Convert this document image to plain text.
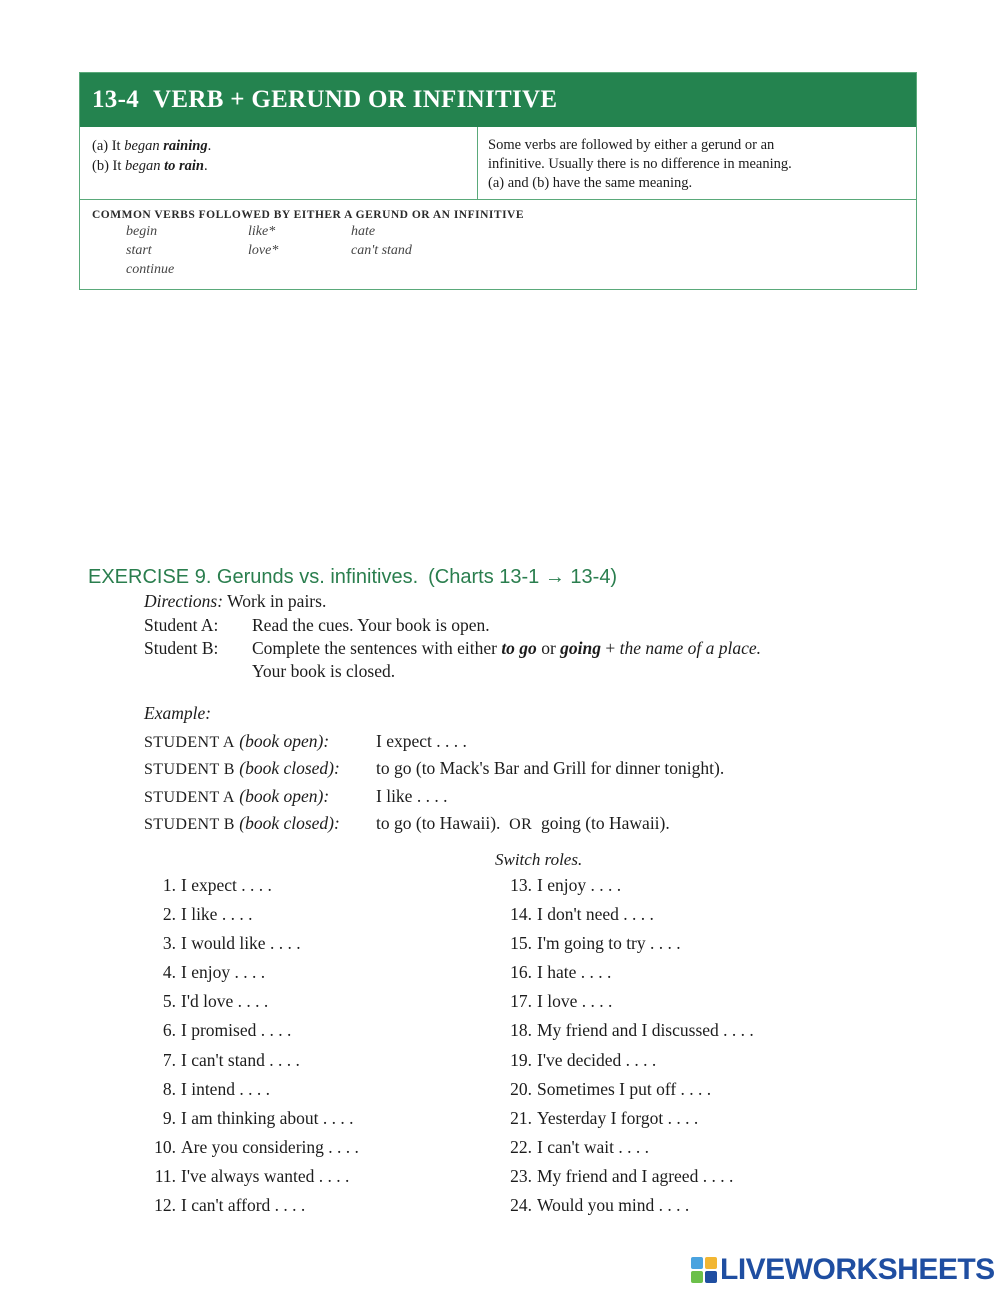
13-4 VERB + GERUND OR INFINITIVE
(a) It began raining.
(b) It began to rain.
Some verbs are followed by either a gerund or an
infinitive. Usually there is no difference in meaning.
(a) and (b) have the same meaning.
COMMON VERBS FOLLOWED BY EITHER A GERUND OR AN INFINITIVE
begin	like*	hate
start	love*	can't stand
continue
EXERCISE 9. Gerunds vs. infinitives. (Charts 13-1 → 13-4)
Directions: Work in pairs.
Student A: Read the cues. Your book is open.
Student B: Complete the sentences with either to go or going + the name of a place.
Your book is closed.
Example:
STUDENT A (book open):	I expect . . . .
STUDENT B (book closed): to go (to Mack's Bar and Grill for dinner tonight).
STUDENT A (book open):	I like . . . .
STUDENT B (book closed): to go (to Hawaii). OR going (to Hawaii).
Switch roles.
1. I expect . . . .
2. I like . . . .
3. I would like . . . .
4. I enjoy . . . .
5. I'd love . . . .
6. I promised . . . .
7. I can't stand . . . .
8. I intend . . . .
9. I am thinking about . . . .
10. Are you considering . . . .
11. I've always wanted . . . .
12. I can't afford . . . .
13. I enjoy . . . .
14. I don't need . . . .
15. I'm going to try . . . .
16. I hate . . . .
17. I love . . . .
18. My friend and I discussed . . . .
19. I've decided . . . .
20. Sometimes I put off . . . .
21. Yesterday I forgot . . . .
22. I can't wait . . . .
23. My friend and I agreed . . . .
24. Would you mind . . . .
LIVEWORKSHEETS
